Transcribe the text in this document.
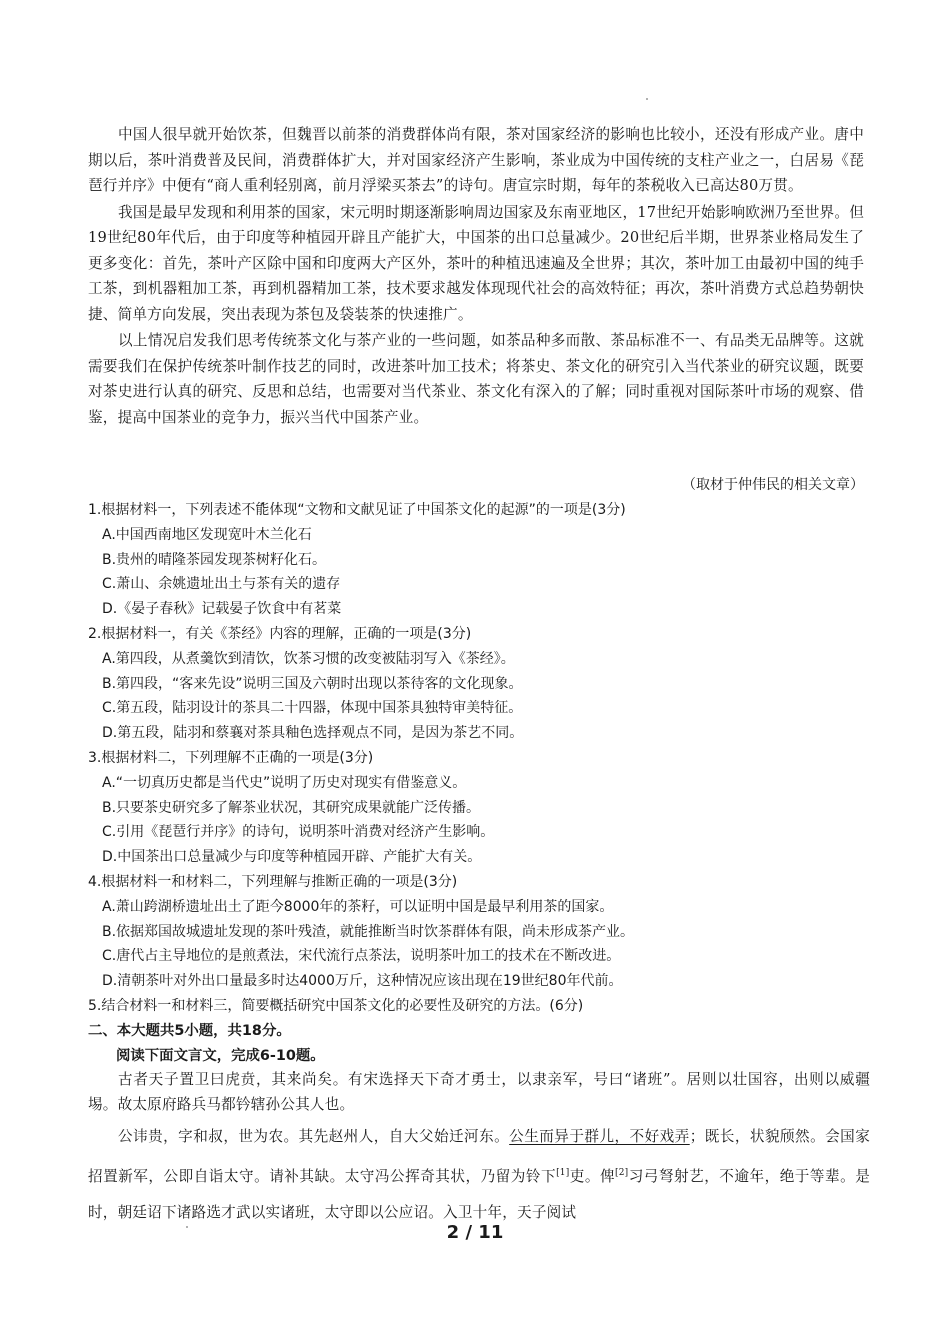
中国人很早就开始饮茶，但魏晋以前茶的消费群体尚有限，茶对国家经济的影响也比较小，还没有形成产业。唐中期以后，茶叶消费普及民间，消费群体扩大，并对国家经济产生影响，茶业成为中国传统的支柱产业之一，白居易《琵琶行并序》中便有“商人重利轻别离，前月浮梁买茶去”的诗句。唐宣宗时期，每年的茶税收入已高达80万贯。

我国是最早发现和利用茶的国家，宋元明时期逐渐影响周边国家及东南亚地区，17世纪开始影响欧洲乃至世界。但19世纪80年代后，由于印度等种植园开辟且产能扩大，中国茶的出口总量减少。20世纪后半期，世界茶业格局发生了更多变化：首先，茶叶产区除中国和印度两大产区外，茶叶的种植迅速遍及全世界；其次，茶叶加工由最初中国的纯手工茶，到机器粗加工茶，再到机器精加工茶，技术要求越发体现现代社会的高效特征；再次，茶叶消费方式总趋势朝快捷、简单方向发展，突出表现为茶包及袋装茶的快速推广。

以上情况启发我们思考传统茶文化与茶产业的一些问题，如茶品种多而散、茶品标准不一、有品类无品牌等。这就需要我们在保护传统茶叶制作技艺的同时，改进茶叶加工技术；将茶史、茶文化的研究引入当代茶业的研究议题，既要对茶史进行认真的研究、反思和总结，也需要对当代茶业、茶文化有深入的了解；同时重视对国际茶叶市场的观察、借鉴，提高中国茶业的竞争力，振兴当代中国茶产业。

（取材于仲伟民的相关文章）
1.根据材料一，下列表述不能体现“文物和文献见证了中国茶文化的起源”的一项是(3分)
A.中国西南地区发现宽叶木兰化石
B.贵州的晴隆茶园发现茶树籽化石。
C.萧山、余姚遗址出土与茶有关的遗存
D.《晏子春秋》记载晏子饮食中有茗菜
2.根据材料一，有关《茶经》内容的理解，正确的一项是(3分)
A.第四段，从煮羹饮到清饮，饮茶习惯的改变被陆羽写入《茶经》。
B.第四段，“客来先设”说明三国及六朝时出现以茶待客的文化现象。
C.第五段，陆羽设计的茶具二十四器，体现中国茶具独特审美特征。
D.第五段，陆羽和蔡襄对茶具釉色选择观点不同，是因为茶艺不同。
3.根据材料二，下列理解不正确的一项是(3分)
A.“一切真历史都是当代史”说明了历史对现实有借鉴意义。
B.只要茶史研究多了解茶业状况，其研究成果就能广泛传播。
C.引用《琵琶行并序》的诗句，说明茶叶消费对经济产生影响。
D.中国茶出口总量减少与印度等种植园开辟、产能扩大有关。
4.根据材料一和材料二，下列理解与推断正确的一项是(3分)
A.萧山跨湖桥遗址出土了距今8000年的茶籽，可以证明中国是最早利用茶的国家。
B.依据郑国故城遗址发现的茶叶残渣，就能推断当时饮茶群体有限，尚未形成茶产业。
C.唐代占主导地位的是煎煮法，宋代流行点茶法，说明茶叶加工的技术在不断改进。
D.清朝茶叶对外出口量最多时达4000万斤，这种情况应该出现在19世纪80年代前。
5.结合材料一和材料三，简要概括研究中国茶文化的必要性及研究的方法。(6分)
二、本大题共5小题，共18分。
阅读下面文言文，完成6-10题。

古者天子置卫曰虎贲，其来尚矣。有宋选择天下奇才勇士，以隶亲军，号曰“诸班”。居则以壮国容，出则以威疆埸。故太原府路兵马都钤辖孙公其人也。

公讳贵，字和叔，世为农。其先赵州人，自大父始迁河东。公生而异于群儿，不好戏弄；既长，状貌颀然。会国家招置新军，公即自诣 •太守。请补其缺。太守冯公挥奇其状，乃留为铃下[1]吏。俾[2]习弓弩射艺，不逾 •年，绝于等辈。是时，朝廷诏下诸路选才武以实诸班，太守即以公应诏。入卫十年，天子阅试

2 / 11
